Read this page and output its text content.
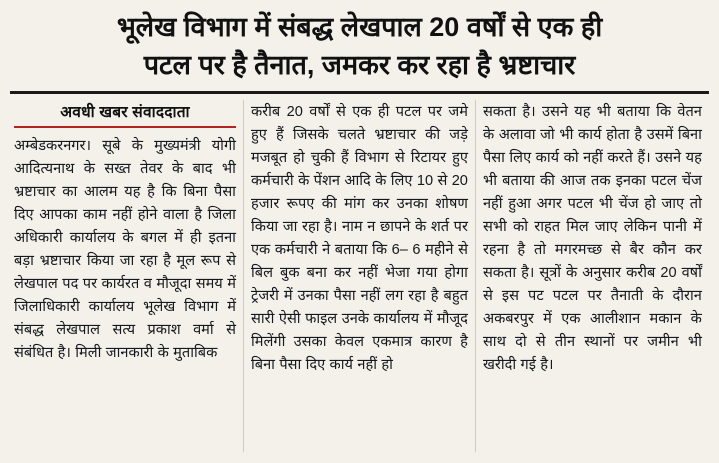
भूलेख विभाग में संबद्ध लेखपाल 20 वर्षों से एक ही
पटल पर है तैनात, जमकर कर रहा है भ्रष्टाचार
अवधी खबर संवाददाता

अम्बेडकरनगर। सूबे के मुख्यमंत्री योगी आदित्यनाथ के सख्त तेवर के बाद भी भ्रष्टाचार का आलम यह है कि बिना पैसा दिए आपका काम नहीं होने वाला है जिला अधिकारी कार्यालय के बगल में ही इतना बड़ा भ्रष्टाचार किया जा रहा है मूल रूप से लेखपाल पद पर कार्यरत व मौजूदा समय में जिलाधिकारी कार्यालय भूलेख विभाग में संबद्ध लेखपाल सत्य प्रकाश वर्मा से संबंधित है। मिली जानकारी के मुताबिक

करीब 20 वर्षों से एक ही पटल पर जमे हुए हैं जिसके चलते भ्रष्टाचार की जड़े मजबूत हो चुकी हैं विभाग से रिटायर हुए कर्मचारी के पेंशन आदि के लिए 10 से 20 हजार रूपए की मांग कर उनका शोषण किया जा रहा है। नाम न छापने के शर्त पर एक कर्मचारी ने बताया कि 6– 6 महीने से बिल बुक बना कर नहीं भेजा गया होगा ट्रेजरी में उनका पैसा नहीं लग रहा है बहुत सारी ऐसी फाइल उनके कार्यालय में मौजूद मिलेंगी उसका केवल एकमात्र कारण है बिना पैसा दिए कार्य नहीं हो

सकता है। उसने यह भी बताया कि वेतन के अलावा जो भी कार्य होता है उसमें बिना पैसा लिए कार्य को नहीं करते हैं। उसने यह भी बताया की आज तक इनका पटल चेंज नहीं हुआ अगर पटल भी चेंज हो जाए तो सभी को राहत मिल जाए लेकिन पानी में रहना है तो मगरमच्छ से बैर कौन कर सकता है। सूत्रों के अनुसार करीब 20 वर्षों से इस पट पटल पर तैनाती के दौरान अकबरपुर में एक आलीशान मकान के साथ दो से तीन स्थानों पर जमीन भी खरीदी गई है।
